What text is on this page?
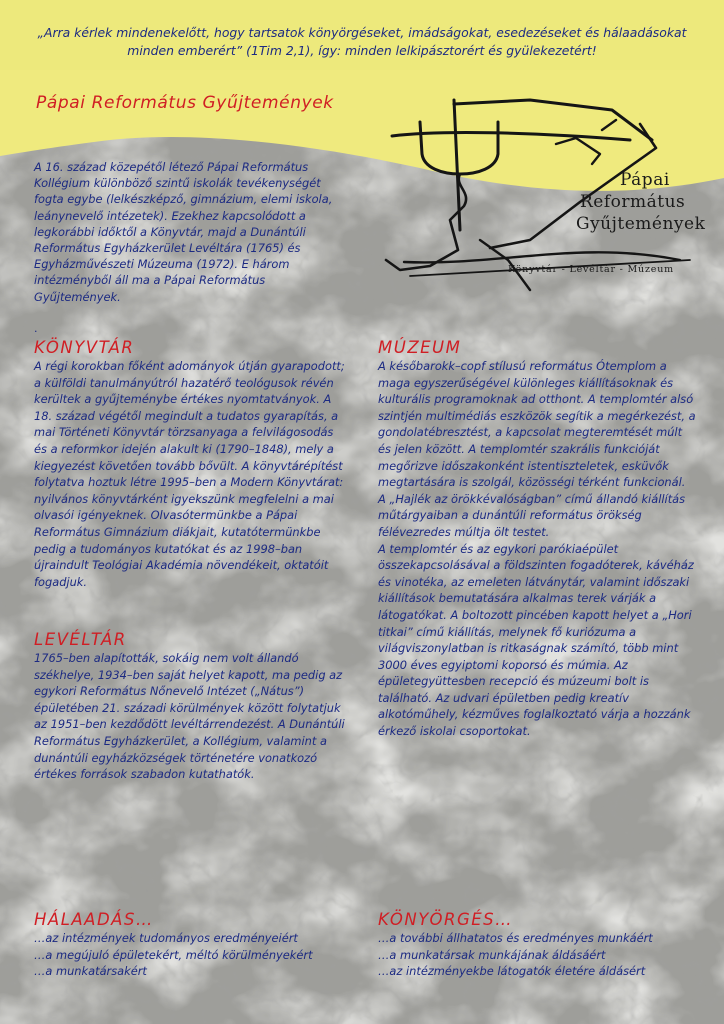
„Arra kérlek mindenekelőtt, hogy tartsatok könyörgéseket, imádságokat, esedezéseket és hálaadásokat
minden emberért” (1Tim 2,1), így: minden lelkipásztorért és gyülekezetért!
Pápai Református Gyűjtemények
Pápai
Református
Gyűjtemények
Könyvtár - Levéltár - Múzeum
A 16. század közepétől létező Pápai Református Kollégium különböző szintű iskolák tevékenységét fogta egybe (lelkészképző, gimnázium, elemi iskola, leánynevelő intézetek). Ezekhez kapcsolódott a legkorábbi időktől a Könyvtár, majd a Dunántúli Református Egyházkerület Levéltára (1765) és Egyházművészeti Múzeuma (1972). E három intézményből áll ma a Pápai Református Gyűjtemények.
.
KÖNYVTÁR

A régi korokban főként adományok útján gyarapodott; a külföldi tanulmányútról hazatérő teológusok révén kerültek a gyűjteménybe értékes nyomtatványok. A 18. század végétől megindult a tudatos gyarapítás, a mai Történeti Könyvtár törzsanyaga a felvilágosodás és a reformkor idején alakult ki (1790–1848), mely a kiegyezést követően tovább bővült. A könyvtárépítést folytatva hoztuk létre 1995–ben a Modern Könyvtárat: nyilvános könyvtárként igyekszünk megfelelni a mai olvasói igényeknek. Olvasótermünkbe a Pápai Református Gimnázium diákjait, kutatótermünkbe pedig a tudományos kutatókat és az 1998–ban újraindult Teológiai Akadémia növendékeit, oktatóit fogadjuk.

LEVÉLTÁR

1765–ben alapították, sokáig nem volt állandó székhelye, 1934–ben saját helyet kapott, ma pedig az egykori Református Nőnevelő Intézet („Nátus”) épületében 21. századi körülmények között folytatjuk az 1951–ben kezdődött levéltárrendezést. A Dunántúli Református Egyházkerület, a Kollégium, valamint a dunántúli egyházközségek történetére vonatkozó értékes források szabadon kutathatók.

MÚZEUM

A későbarokk–copf stílusú református Ótemplom a maga egyszerűségével különleges kiállításoknak és kulturális programoknak ad otthont. A templomtér alsó szintjén multimédiás eszközök segítik a megérkezést, a gondolatébresztést, a kapcsolat megteremtését múlt és jelen között. A templomtér szakrális funkcióját megőrizve időszakonként istentiszteletek, esküvők megtartására is szolgál, közösségi térként funkcionál.

A „Hajlék az örökkévalóságban” című állandó kiállítás műtárgyaiban a dunántúli református örökség félévezredes múltja ölt testet.

A templomtér és az egykori parókiaépület összekapcsolásával a földszinten fogadóterek, kávéház és vinotéka, az emeleten látványtár, valamint időszaki kiállítások bemutatására alkalmas terek várják a látogatókat. A boltozott pincében kapott helyet a „Hori titkai” című kiállítás, melynek fő kuriózuma a világviszonylatban is ritkaságnak számító, több mint 3000 éves egyiptomi koporsó és múmia. Az épületegyüttesben recepció és múzeumi bolt is található. Az udvari épületben pedig kreatív alkotóműhely, kézműves foglalkoztató várja a hozzánk érkező iskolai csoportokat.

HÁLAADÁS…

…az intézmények tudományos eredményeiért

…a megújuló épületekért, méltó körülményekért

…a munkatársakért

KÖNYÖRGÉS…

…a további állhatatos és eredményes munkáért

…a munkatársak munkájának áldásáért

…az intézményekbe látogatók életére áldásért
